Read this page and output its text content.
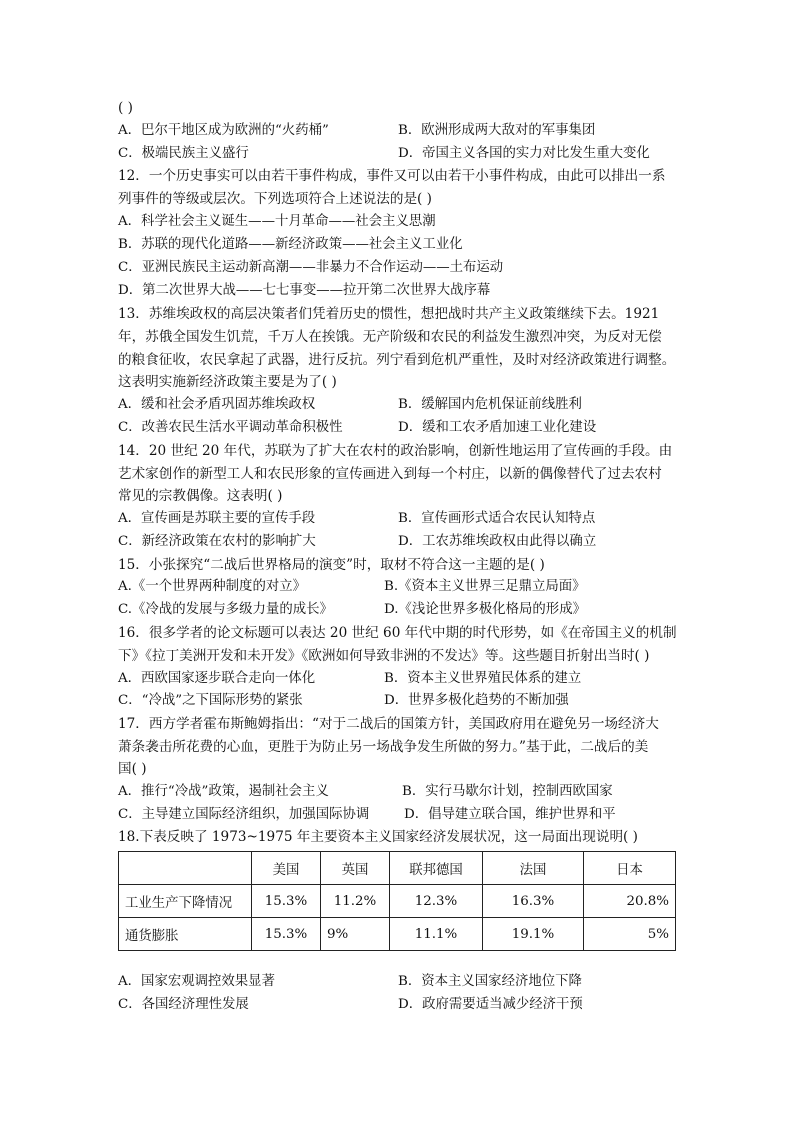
( )
A．巴尔干地区成为欧洲的“火药桶”	B．欧洲形成两大敌对的军事集团
C．极端民族主义盛行	D．帝国主义各国的实力对比发生重大变化
12．一个历史事实可以由若干事件构成，事件又可以由若干小事件构成，由此可以排出一系
列事件的等级或层次。下列选项符合上述说法的是( )
A．科学社会主义诞生——十月革命——社会主义思潮
B．苏联的现代化道路——新经济政策——社会主义工业化
C．亚洲民族民主运动新高潮——非暴力不合作运动——土布运动
D．第二次世界大战——七七事变——拉开第二次世界大战序幕
13．苏维埃政权的高层决策者们凭着历史的惯性，想把战时共产主义政策继续下去。1921
年，苏俄全国发生饥荒，千万人在挨饿。无产阶级和农民的利益发生激烈冲突，为反对无偿
的粮食征收，农民拿起了武器，进行反抗。列宁看到危机严重性，及时对经济政策进行调整。
这表明实施新经济政策主要是为了( )
A．缓和社会矛盾巩固苏维埃政权	B．缓解国内危机保证前线胜利
C．改善农民生活水平调动革命积极性	D．缓和工农矛盾加速工业化建设
14．20 世纪 20 年代，苏联为了扩大在农村的政治影响，创新性地运用了宣传画的手段。由
艺术家创作的新型工人和农民形象的宣传画进入到每一个村庄，以新的偶像替代了过去农村
常见的宗教偶像。这表明( )
A．宣传画是苏联主要的宣传手段	B．宣传画形式适合农民认知特点
C．新经济政策在农村的影响扩大	D．工农苏维埃政权由此得以确立
15．小张探究“二战后世界格局的演变”时，取材不符合这一主题的是( )
A.《一个世界两种制度的对立》	B.《资本主义世界三足鼎立局面》
C.《冷战的发展与多级力量的成长》	D.《浅论世界多极化格局的形成》
16．很多学者的论文标题可以表达 20 世纪 60 年代中期的时代形势，如《在帝国主义的机制
下》《拉丁美洲开发和未开发》《欧洲如何导致非洲的不发达》等。这些题目折射出当时( )
A．西欧国家逐步联合走向一体化	B．资本主义世界殖民体系的建立
C．“冷战”之下国际形势的紧张	D．世界多极化趋势的不断加强
17．西方学者霍布斯鲍姆指出：“对于二战后的国策方针，美国政府用在避免另一场经济大
萧条袭击所花费的心血，更胜于为防止另一场战争发生所做的努力。”基于此，二战后的美
国( )
A．推行“冷战”政策，遏制社会主义	B．实行马歇尔计划，控制西欧国家
C．主导建立国际经济组织，加强国际协调	D．倡导建立联合国，维护世界和平
18.下表反映了 1973~1975 年主要资本主义国家经济发展状况，这一局面出现说明( )
	美国	英国	联邦德国	法国	日本
工业生产下降情况	15.3%	11.2%	12.3%	16.3%	20.8%
通货膨胀	15.3%	9%	11.1%	19.1%	5%
A．国家宏观调控效果显著	B．资本主义国家经济地位下降
C．各国经济理性发展	D．政府需要适当减少经济干预
